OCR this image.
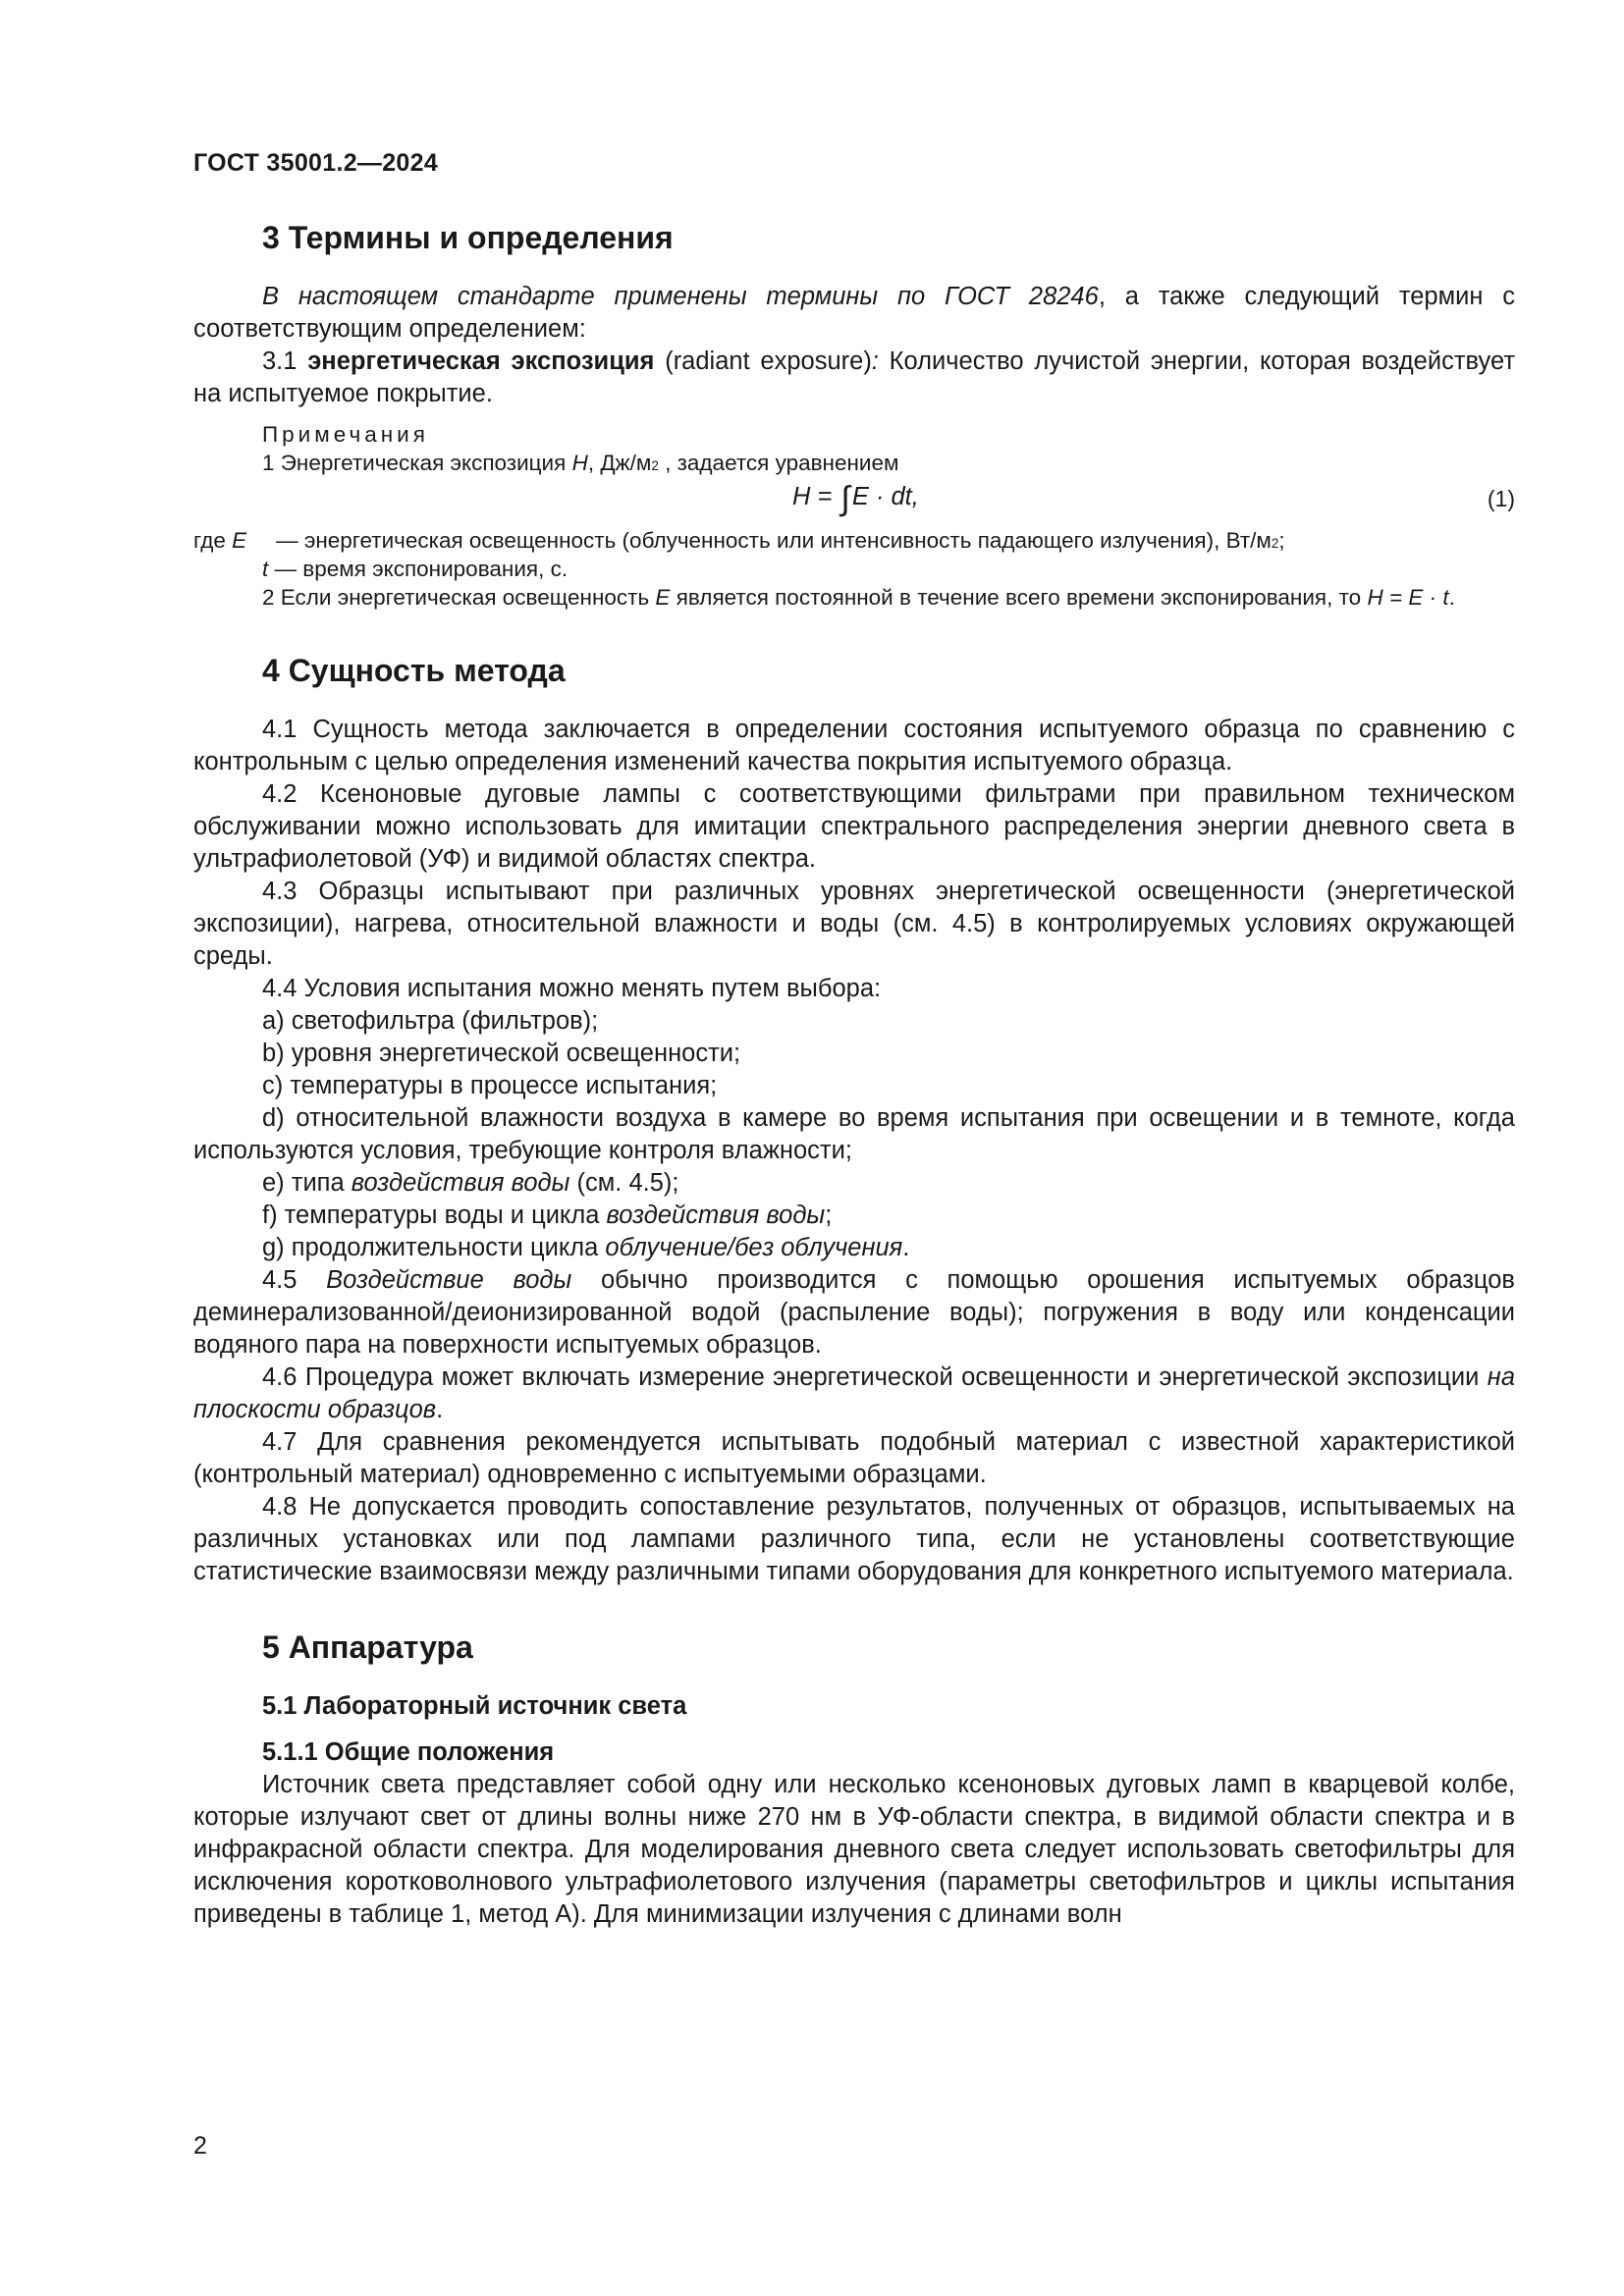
ГОСТ 35001.2—2024
3 Термины и определения

В настоящем стандарте применены термины по ГОСТ 28246, а также следующий термин с соответствующим определением:

3.1 энергетическая экспозиция (radiant exposure): Количество лучистой энергии, которая воздействует на испытуемое покрытие.

Примечания

1 Энергетическая экспозиция H, $Дж/м^2$ , задается уравнением

H = ∫E · dt,	(1)

где E — энергетическая освещенность (облученность или интенсивность падающего излучения), $Вт/м^2$;

t — время экспонирования, с.

2 Если энергетическая освещенность E является постоянной в течение всего времени экспонирования, то H = E · t.

4 Сущность метода

4.1 Сущность метода заключается в определении состояния испытуемого образца по сравнению с контрольным с целью определения изменений качества покрытия испытуемого образца.

4.2 Ксеноновые дуговые лампы с соответствующими фильтрами при правильном техническом обслуживании можно использовать для имитации спектрального распределения энергии дневного света в ультрафиолетовой (УФ) и видимой областях спектра.

4.3 Образцы испытывают при различных уровнях энергетической освещенности (энергетической экспозиции), нагрева, относительной влажности и воды (см. 4.5) в контролируемых условиях окружающей среды.

4.4 Условия испытания можно менять путем выбора:

a) светофильтра (фильтров);

b) уровня энергетической освещенности;

c) температуры в процессе испытания;

d) относительной влажности воздуха в камере во время испытания при освещении и в темноте, когда используются условия, требующие контроля влажности;

e) типа воздействия воды (см. 4.5);

f) температуры воды и цикла воздействия воды;

g) продолжительности цикла облучение/без облучения.

4.5 Воздействие воды обычно производится с помощью орошения испытуемых образцов деминерализованной/деионизированной водой (распыление воды); погружения в воду или конденсации водяного пара на поверхности испытуемых образцов.

4.6 Процедура может включать измерение энергетической освещенности и энергетической экспозиции на плоскости образцов.

4.7 Для сравнения рекомендуется испытывать подобный материал с известной характеристикой (контрольный материал) одновременно с испытуемыми образцами.

4.8 Не допускается проводить сопоставление результатов, полученных от образцов, испытываемых на различных установках или под лампами различного типа, если не установлены соответствующие статистические взаимосвязи между различными типами оборудования для конкретного испытуемого материала.

5 Аппаратура
5.1 Лабораторный источник света
5.1.1 Общие положения

Источник света представляет собой одну или несколько ксеноновых дуговых ламп в кварцевой колбе, которые излучают свет от длины волны ниже 270 нм в УФ-области спектра, в видимой области спектра и в инфракрасной области спектра. Для моделирования дневного света следует использовать светофильтры для исключения коротковолнового ультрафиолетового излучения (параметры светофильтров и циклы испытания приведены в таблице 1, метод А). Для минимизации излучения с длинами волн

2
